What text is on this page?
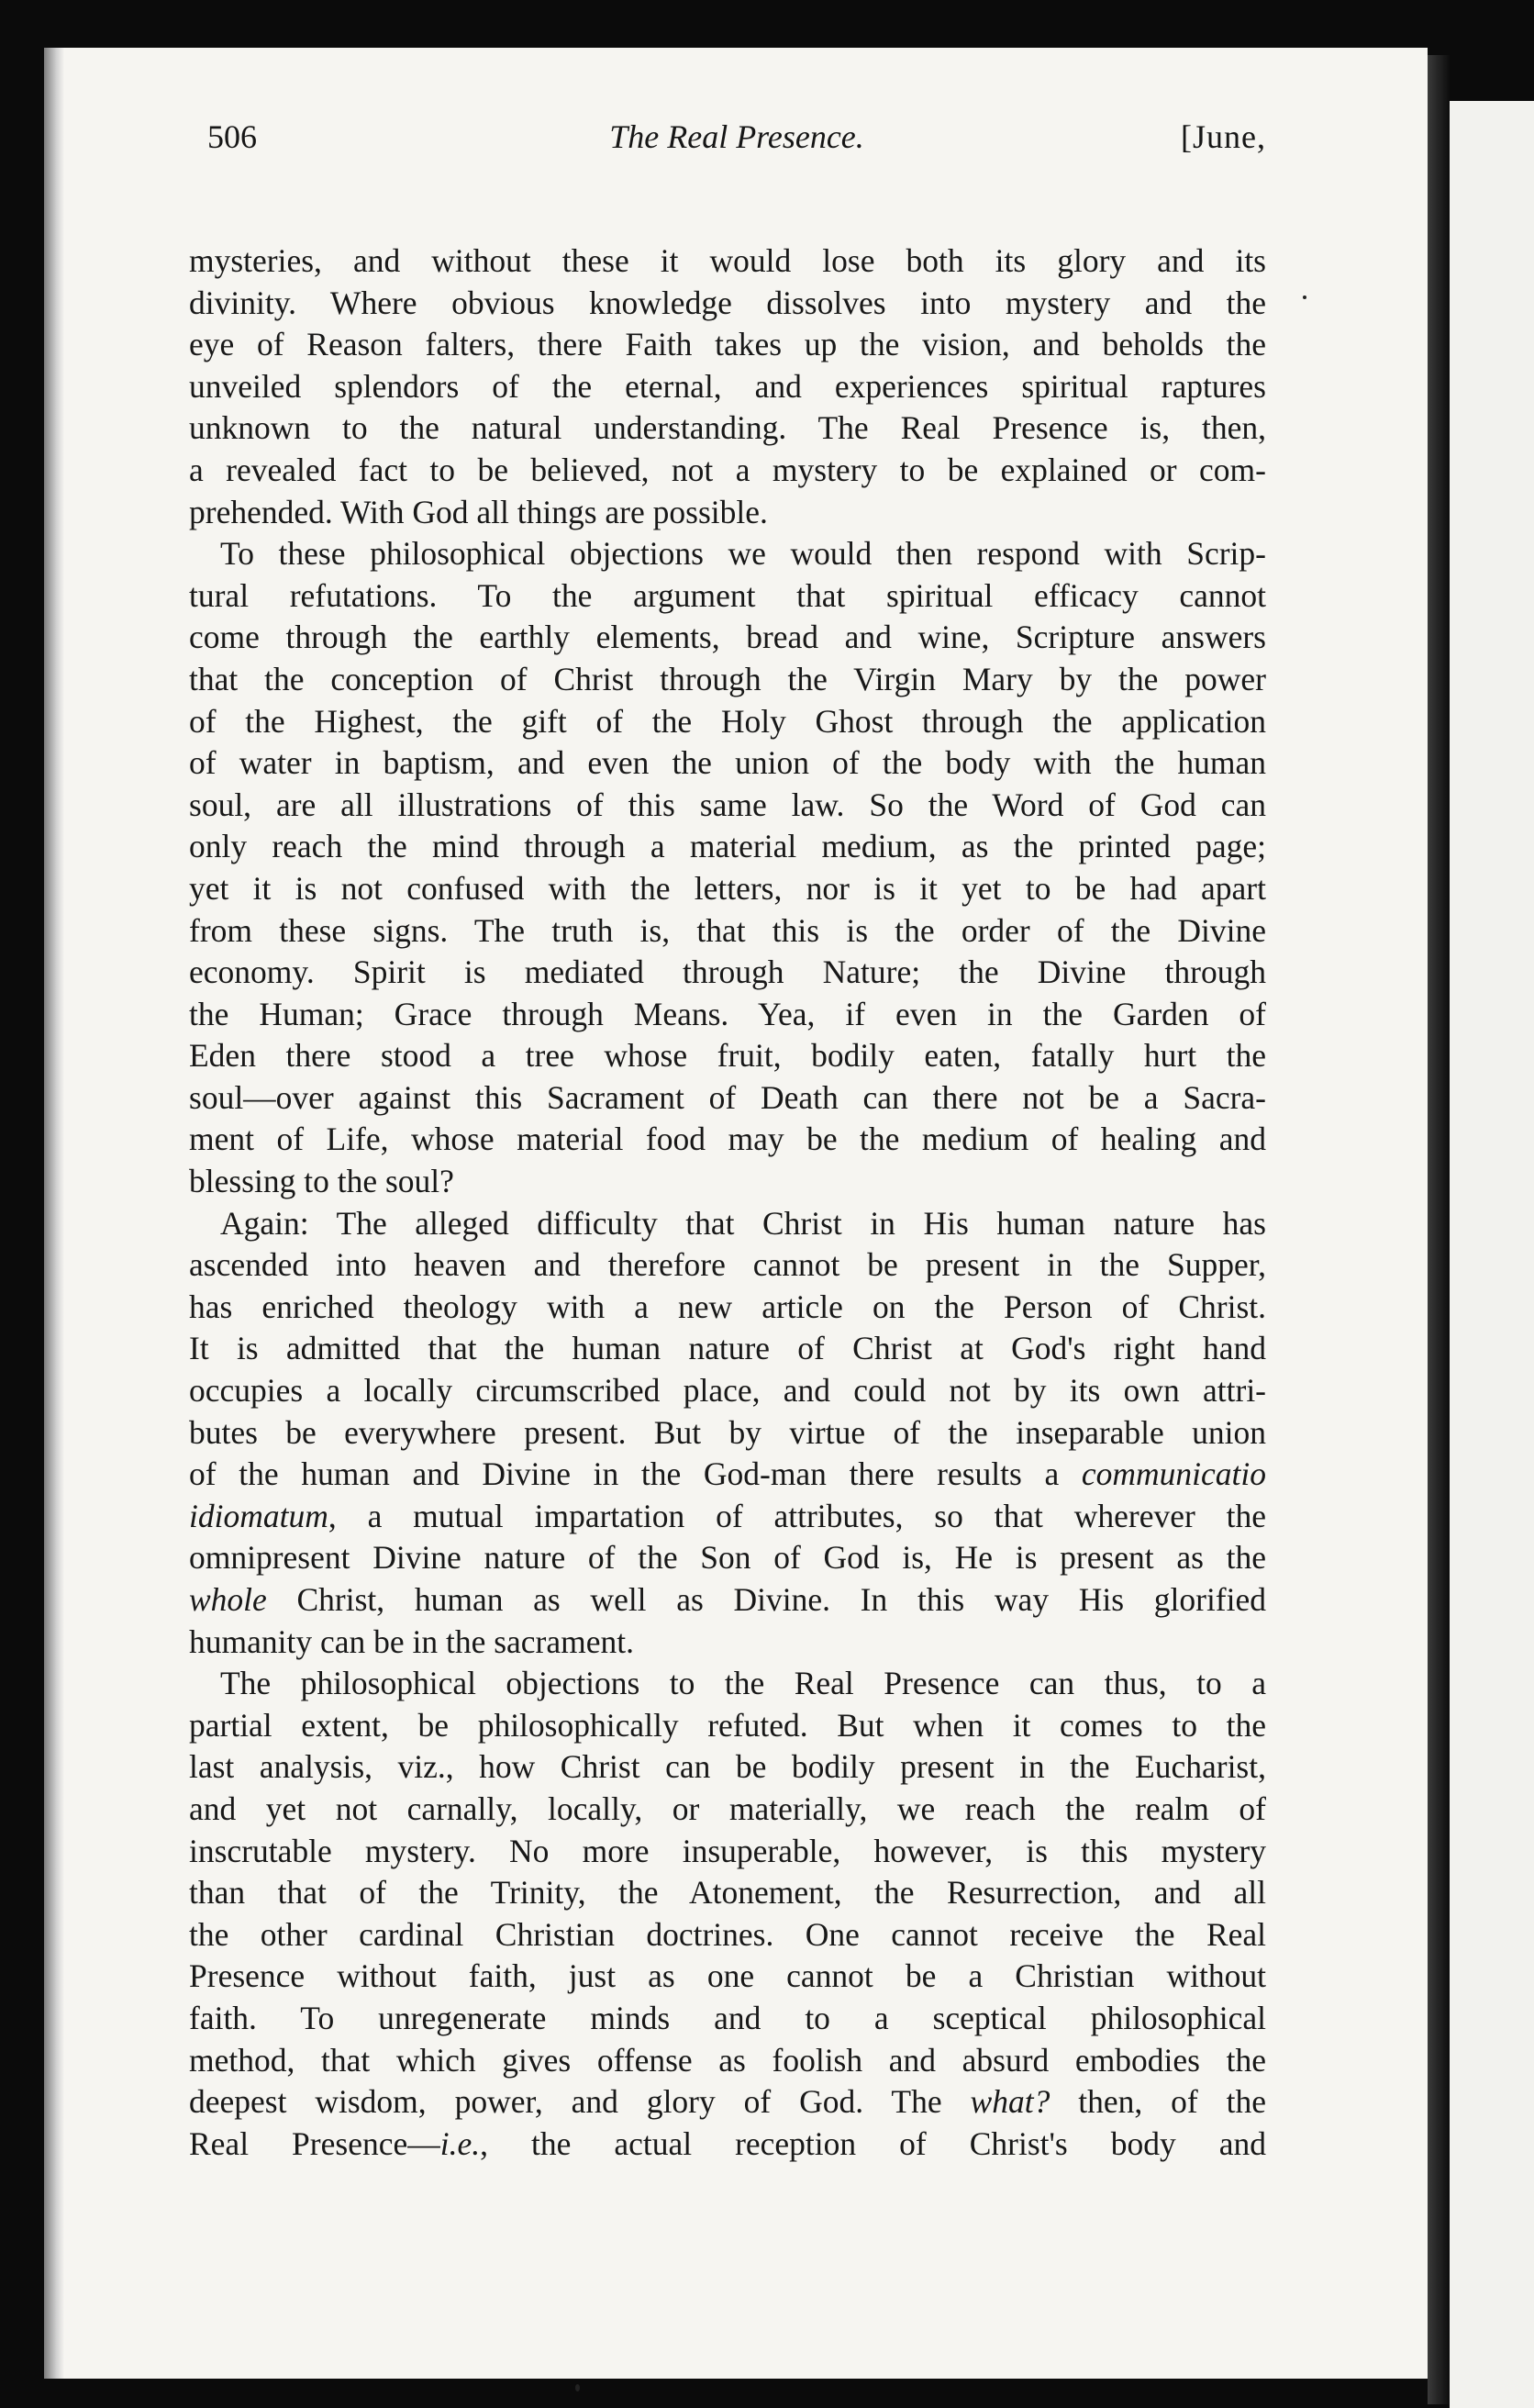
506	The Real Presence.	[June,
mysteries, and without these it would lose both its glory and its
divinity. Where obvious knowledge dissolves into mystery and the
eye of Reason falters, there Faith takes up the vision, and beholds the
unveiled splendors of the eternal, and experiences spiritual raptures
unknown to the natural understanding. The Real Presence is, then,
a revealed fact to be believed, not a mystery to be explained or com-
prehended. With God all things are possible.
To these philosophical objections we would then respond with Scrip-
tural refutations. To the argument that spiritual efficacy cannot
come through the earthly elements, bread and wine, Scripture answers
that the conception of Christ through the Virgin Mary by the power
of the Highest, the gift of the Holy Ghost through the application
of water in baptism, and even the union of the body with the human
soul, are all illustrations of this same law. So the Word of God can
only reach the mind through a material medium, as the printed page;
yet it is not confused with the letters, nor is it yet to be had apart
from these signs. The truth is, that this is the order of the Divine
economy. Spirit is mediated through Nature; the Divine through
the Human; Grace through Means. Yea, if even in the Garden of
Eden there stood a tree whose fruit, bodily eaten, fatally hurt the
soul—over against this Sacrament of Death can there not be a Sacra-
ment of Life, whose material food may be the medium of healing and
blessing to the soul?
Again: The alleged difficulty that Christ in His human nature has
ascended into heaven and therefore cannot be present in the Supper,
has enriched theology with a new article on the Person of Christ.
It is admitted that the human nature of Christ at God's right hand
occupies a locally circumscribed place, and could not by its own attri-
butes be everywhere present. But by virtue of the inseparable union
of the human and Divine in the God-man there results a communicatio
idiomatum, a mutual impartation of attributes, so that wherever the
omnipresent Divine nature of the Son of God is, He is present as the
whole Christ, human as well as Divine. In this way His glorified
humanity can be in the sacrament.
The philosophical objections to the Real Presence can thus, to a
partial extent, be philosophically refuted. But when it comes to the
last analysis, viz., how Christ can be bodily present in the Eucharist,
and yet not carnally, locally, or materially, we reach the realm of
inscrutable mystery. No more insuperable, however, is this mystery
than that of the Trinity, the Atonement, the Resurrection, and all
the other cardinal Christian doctrines. One cannot receive the Real
Presence without faith, just as one cannot be a Christian without
faith. To unregenerate minds and to a sceptical philosophical
method, that which gives offense as foolish and absurd embodies the
deepest wisdom, power, and glory of God. The what? then, of the
Real Presence—i.e., the actual reception of Christ's body and
